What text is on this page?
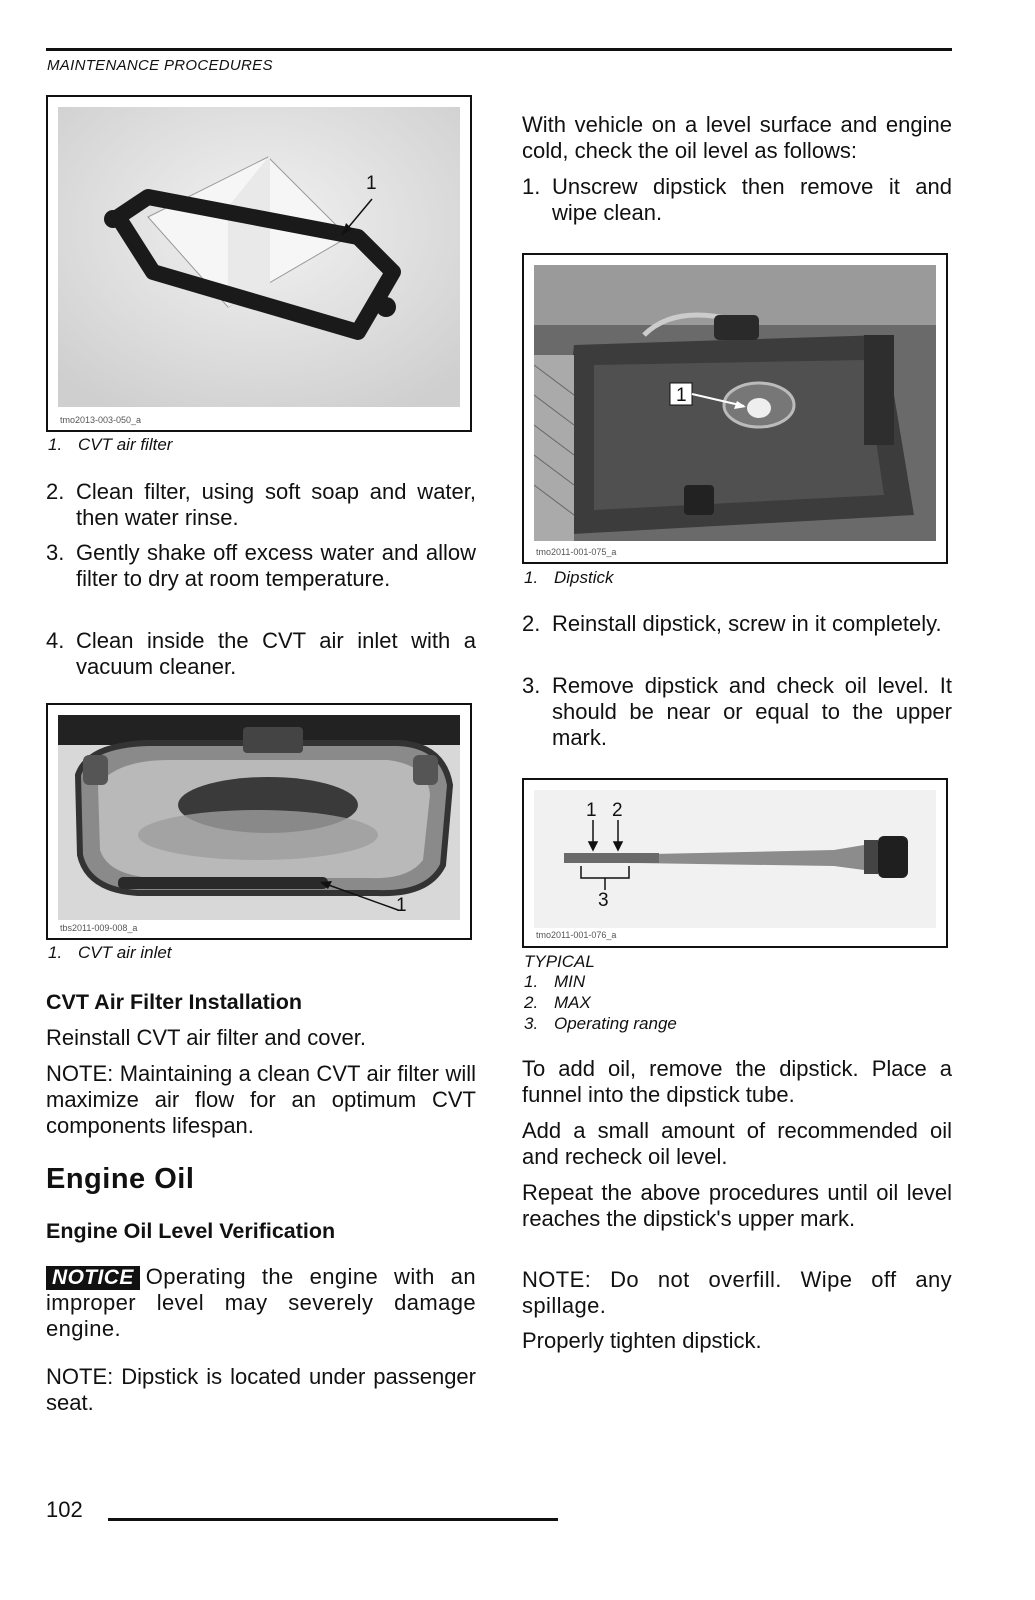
MAINTENANCE PROCEDURES
1
tmo2013-003-050_a
1. CVT air filter
2. Clean filter, using soft soap and water, then water rinse.
3. Gently shake off excess water and allow filter to dry at room temperature.
4. Clean inside the CVT air inlet with a vacuum cleaner.
1
tbs2011-009-008_a
1. CVT air inlet
CVT Air Filter Installation

Reinstall CVT air filter and cover.

NOTE: Maintaining a clean CVT air filter will maximize air flow for an optimum CVT components lifespan.

Engine Oil
Engine Oil Level Verification

NOTICE Operating the engine with an improper level may severely damage engine.

NOTE: Dipstick is located under passenger seat.

With vehicle on a level surface and engine cold, check the oil level as follows:

1. Unscrew dipstick then remove it and wipe clean.
1
tmo2011-001-075_a
1. Dipstick
2. Reinstall dipstick, screw in it completely.
3. Remove dipstick and check oil level. It should be near or equal to the upper mark.
1 2
3
tmo2011-001-076_a
TYPICAL
1. MIN
2. MAX
3. Operating range

To add oil, remove the dipstick. Place a funnel into the dipstick tube.

Add a small amount of recommended oil and recheck oil level.

Repeat the above procedures until oil level reaches the dipstick's upper mark.

NOTE: Do not overfill. Wipe off any spillage.

Properly tighten dipstick.

102
